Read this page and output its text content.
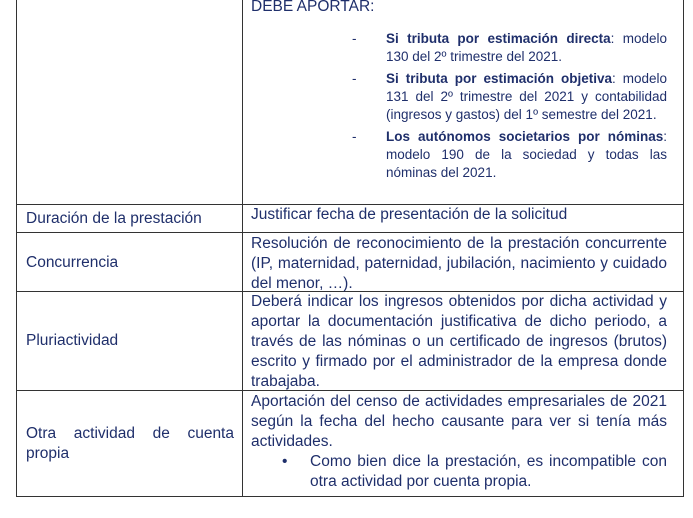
DEBE APORTAR:
- Si tributa por estimación directa: modelo 130 del 2º trimestre del 2021.
- Si tributa por estimación objetiva: modelo 131 del 2º trimestre del 2021 y contabilidad (ingresos y gastos) del 1º semestre del 2021.
- Los autónomos societarios por nóminas: modelo 190 de la sociedad y todas las nóminas del 2021.
Duración de la prestación	Justificar fecha de presentación de la solicitud
Concurrencia
Resolución de reconocimiento de la prestación concurrente (IP, maternidad, paternidad, jubilación, nacimiento y cuidado del menor, …).
Pluriactividad
Deberá indicar los ingresos obtenidos por dicha actividad y aportar la documentación justificativa de dicho periodo, a través de las nóminas o un certificado de ingresos (brutos) escrito y firmado por el administrador de la empresa donde trabajaba.
Otra actividad de cuenta propia
Aportación del censo de actividades empresariales de 2021 según la fecha del hecho causante para ver si tenía más actividades.
• Como bien dice la prestación, es incompatible con otra actividad por cuenta propia.
